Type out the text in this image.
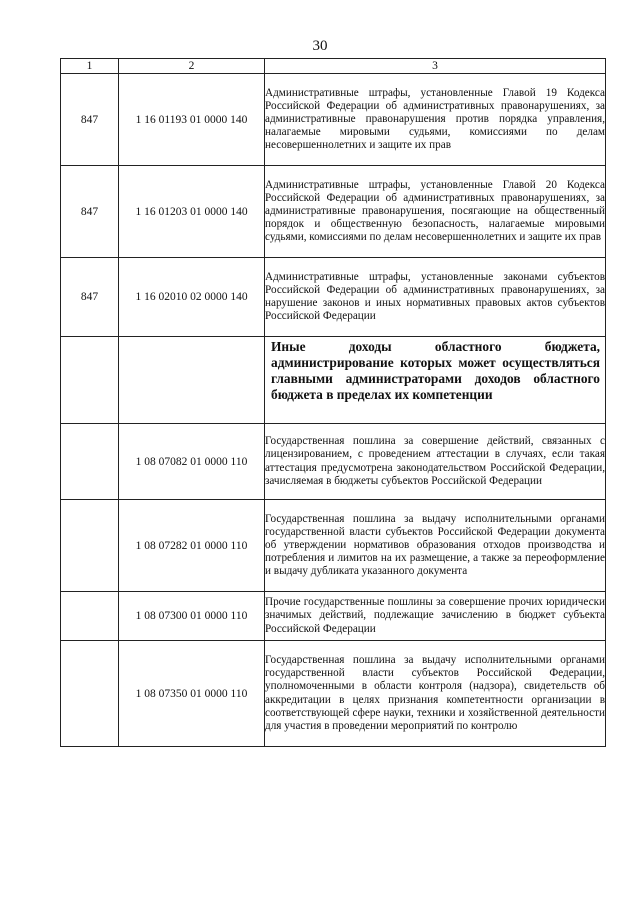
30
1	2	3
847	1 16 01193 01 0000 140	Административные штрафы, установленные Главой 19 Кодекса Российской Федерации об административных правонарушениях, за административные правонарушения против порядка управления, налагаемые мировыми судьями, комиссиями по делам несовершеннолетних и защите их прав
847	1 16 01203 01 0000 140	Административные штрафы, установленные Главой 20 Кодекса Российской Федерации об административных правонарушениях, за административные правонарушения, посягающие на общественный порядок и общественную безопасность, налагаемые мировыми судьями, комиссиями по делам несовершеннолетних и защите их прав
847	1 16 02010 02 0000 140	Административные штрафы, установленные законами субъектов Российской Федерации об административных правонарушениях, за нарушение законов и иных нормативных правовых актов субъектов Российской Федерации
		Иные доходы областного бюджета, администрирование которых может осуществляться главными администраторами доходов областного бюджета в пределах их компетенции
	1 08 07082 01 0000 110	Государственная пошлина за совершение действий, связанных с лицензированием, с проведением аттестации в случаях, если такая аттестация предусмотрена законодательством Российской Федерации, зачисляемая в бюджеты субъектов Российской Федерации
	1 08 07282 01 0000 110	Государственная пошлина за выдачу исполнительными органами государственной власти субъектов Российской Федерации документа об утверждении нормативов образования отходов производства и потребления и лимитов на их размещение, а также за переоформление и выдачу дубликата указанного документа
	1 08 07300 01 0000 110	Прочие государственные пошлины за совершение прочих юридически значимых действий, подлежащие зачислению в бюджет субъекта Российской Федерации
	1 08 07350 01 0000 110	Государственная пошлина за выдачу исполнительными органами государственной власти субъектов Российской Федерации, уполномоченными в области контроля (надзора), свидетельств об аккредитации в целях признания компетентности организации в соответствующей сфере науки, техники и хозяйственной деятельности для участия в проведении мероприятий по контролю
